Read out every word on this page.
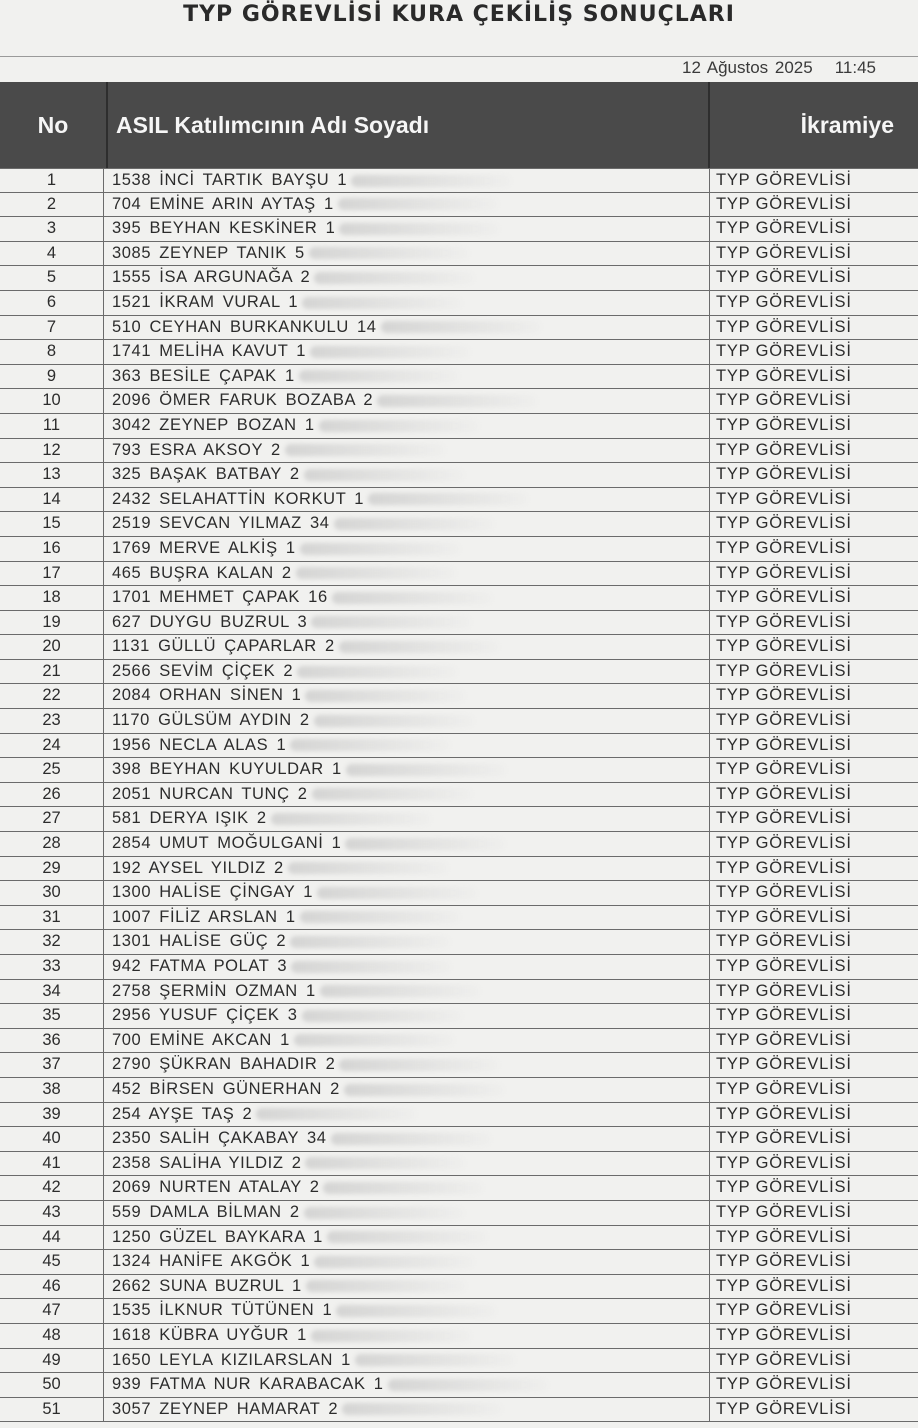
TYP GÖREVLİSİ KURA ÇEKİLİŞ SONUÇLARI
12 Ağustos 2025 11:45
No	ASIL Katılımcının Adı Soyadı	İkramiye
1	1538 İNCİ TARTIK BAYŞU 1	TYP GÖREVLİSİ
2	704 EMİNE ARIN AYTAŞ 1	TYP GÖREVLİSİ
3	395 BEYHAN KESKİNER 1	TYP GÖREVLİSİ
4	3085 ZEYNEP TANIK 5	TYP GÖREVLİSİ
5	1555 İSA ARGUNAĞA 2	TYP GÖREVLİSİ
6	1521 İKRAM VURAL 1	TYP GÖREVLİSİ
7	510 CEYHAN BURKANKULU 14	TYP GÖREVLİSİ
8	1741 MELİHA KAVUT 1	TYP GÖREVLİSİ
9	363 BESİLE ÇAPAK 1	TYP GÖREVLİSİ
10	2096 ÖMER FARUK BOZABA 2	TYP GÖREVLİSİ
11	3042 ZEYNEP BOZAN 1	TYP GÖREVLİSİ
12	793 ESRA AKSOY 2	TYP GÖREVLİSİ
13	325 BAŞAK BATBAY 2	TYP GÖREVLİSİ
14	2432 SELAHATTİN KORKUT 1	TYP GÖREVLİSİ
15	2519 SEVCAN YILMAZ 34	TYP GÖREVLİSİ
16	1769 MERVE ALKİŞ 1	TYP GÖREVLİSİ
17	465 BUŞRA KALAN 2	TYP GÖREVLİSİ
18	1701 MEHMET ÇAPAK 16	TYP GÖREVLİSİ
19	627 DUYGU BUZRUL 3	TYP GÖREVLİSİ
20	1131 GÜLLÜ ÇAPARLAR 2	TYP GÖREVLİSİ
21	2566 SEVİM ÇİÇEK 2	TYP GÖREVLİSİ
22	2084 ORHAN SİNEN 1	TYP GÖREVLİSİ
23	1170 GÜLSÜM AYDIN 2	TYP GÖREVLİSİ
24	1956 NECLA ALAS 1	TYP GÖREVLİSİ
25	398 BEYHAN KUYULDAR 1	TYP GÖREVLİSİ
26	2051 NURCAN TUNÇ 2	TYP GÖREVLİSİ
27	581 DERYA IŞIK 2	TYP GÖREVLİSİ
28	2854 UMUT MOĞULGANİ 1	TYP GÖREVLİSİ
29	192 AYSEL YILDIZ 2	TYP GÖREVLİSİ
30	1300 HALİSE ÇİNGAY 1	TYP GÖREVLİSİ
31	1007 FİLİZ ARSLAN 1	TYP GÖREVLİSİ
32	1301 HALİSE GÜÇ 2	TYP GÖREVLİSİ
33	942 FATMA POLAT 3	TYP GÖREVLİSİ
34	2758 ŞERMİN OZMAN 1	TYP GÖREVLİSİ
35	2956 YUSUF ÇİÇEK 3	TYP GÖREVLİSİ
36	700 EMİNE AKCAN 1	TYP GÖREVLİSİ
37	2790 ŞÜKRAN BAHADIR 2	TYP GÖREVLİSİ
38	452 BİRSEN GÜNERHAN 2	TYP GÖREVLİSİ
39	254 AYŞE TAŞ 2	TYP GÖREVLİSİ
40	2350 SALİH ÇAKABAY 34	TYP GÖREVLİSİ
41	2358 SALİHA YILDIZ 2	TYP GÖREVLİSİ
42	2069 NURTEN ATALAY 2	TYP GÖREVLİSİ
43	559 DAMLA BİLMAN 2	TYP GÖREVLİSİ
44	1250 GÜZEL BAYKARA 1	TYP GÖREVLİSİ
45	1324 HANİFE AKGÖK 1	TYP GÖREVLİSİ
46	2662 SUNA BUZRUL 1	TYP GÖREVLİSİ
47	1535 İLKNUR TÜTÜNEN 1	TYP GÖREVLİSİ
48	1618 KÜBRA UYĞUR 1	TYP GÖREVLİSİ
49	1650 LEYLA KIZILARSLAN 1	TYP GÖREVLİSİ
50	939 FATMA NUR KARABACAK 1	TYP GÖREVLİSİ
51	3057 ZEYNEP HAMARAT 2	TYP GÖREVLİSİ
